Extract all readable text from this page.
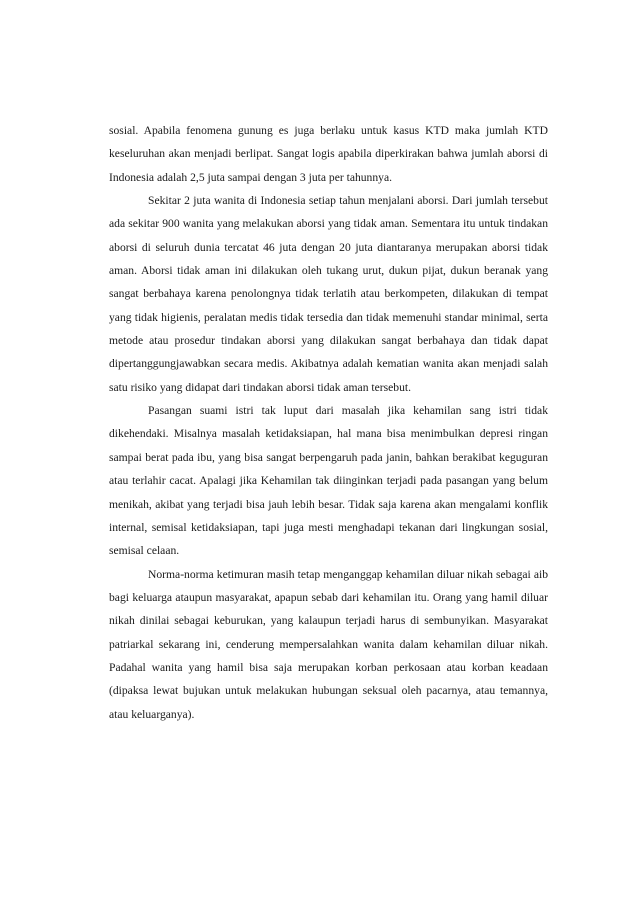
sosial. Apabila fenomena gunung es juga berlaku untuk kasus KTD maka jumlah KTD keseluruhan akan menjadi berlipat. Sangat logis apabila diperkirakan bahwa jumlah aborsi di Indonesia adalah 2,5 juta sampai dengan 3 juta per tahunnya.

Sekitar 2 juta wanita di Indonesia setiap tahun menjalani aborsi. Dari jumlah tersebut ada sekitar 900 wanita yang melakukan aborsi yang tidak aman. Sementara itu untuk tindakan aborsi di seluruh dunia tercatat 46 juta dengan 20 juta diantaranya merupakan aborsi tidak aman. Aborsi tidak aman ini dilakukan oleh tukang urut, dukun pijat, dukun beranak yang sangat berbahaya karena penolongnya tidak terlatih atau berkompeten, dilakukan di tempat yang tidak higienis, peralatan medis tidak tersedia dan tidak memenuhi standar minimal, serta metode atau prosedur tindakan aborsi yang dilakukan sangat berbahaya dan tidak dapat dipertanggungjawabkan secara medis. Akibatnya adalah kematian wanita akan menjadi salah satu risiko yang didapat dari tindakan aborsi tidak aman tersebut.

Pasangan suami istri tak luput dari masalah jika kehamilan sang istri tidak dikehendaki. Misalnya masalah ketidaksiapan, hal mana bisa menimbulkan depresi ringan sampai berat pada ibu, yang bisa sangat berpengaruh pada janin, bahkan berakibat keguguran atau terlahir cacat. Apalagi jika Kehamilan tak diinginkan terjadi pada pasangan yang belum menikah, akibat yang terjadi bisa jauh lebih besar. Tidak saja karena akan mengalami konflik internal, semisal ketidaksiapan, tapi juga mesti menghadapi tekanan dari lingkungan sosial, semisal celaan.

Norma-norma ketimuran masih tetap menganggap kehamilan diluar nikah sebagai aib bagi keluarga ataupun masyarakat, apapun sebab dari kehamilan itu. Orang yang hamil diluar nikah dinilai sebagai keburukan, yang kalaupun terjadi harus di sembunyikan. Masyarakat patriarkal sekarang ini, cenderung mempersalahkan wanita dalam kehamilan diluar nikah. Padahal wanita yang hamil bisa saja merupakan korban perkosaan atau korban keadaan (dipaksa lewat bujukan untuk melakukan hubungan seksual oleh pacarnya, atau temannya, atau keluarganya).
